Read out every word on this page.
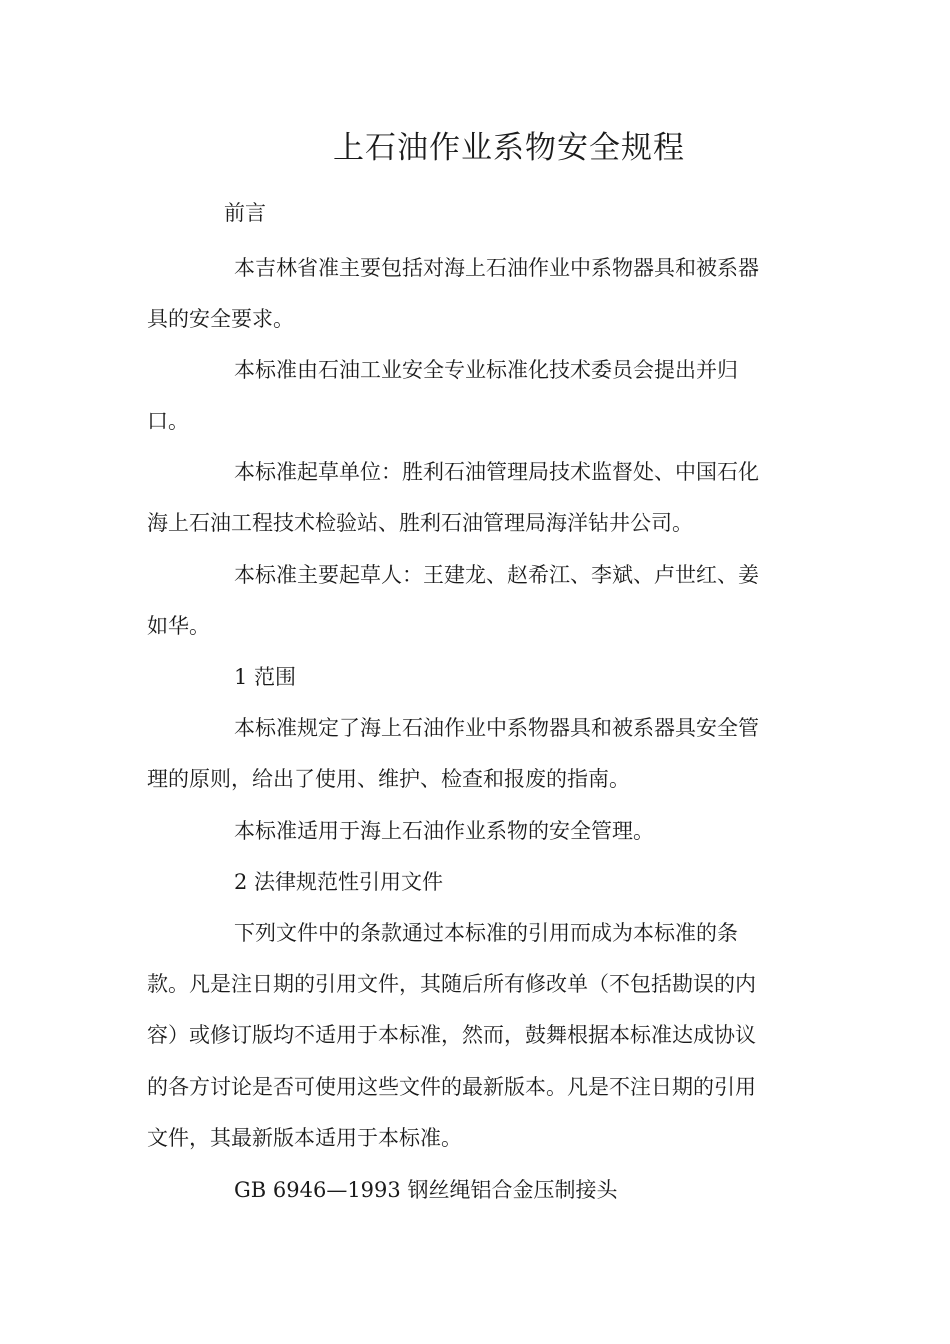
上石油作业系物安全规程
前言
本吉林省准主要包括对海上石油作业中系物器具和被系器
具的安全要求。
本标准由石油工业安全专业标准化技术委员会提出并归
口。
本标准起草单位：胜利石油管理局技术监督处、中国石化
海上石油工程技术检验站、胜利石油管理局海洋钻井公司。
本标准主要起草人：王建龙、赵希江、李斌、卢世红、姜
如华。
1 范围
本标准规定了海上石油作业中系物器具和被系器具安全管
理的原则，给出了使用、维护、检查和报废的指南。
本标准适用于海上石油作业系物的安全管理。
2 法律规范性引用文件
下列文件中的条款通过本标准的引用而成为本标准的条
款。凡是注日期的引用文件，其随后所有修改单（不包括勘误的内
容）或修订版均不适用于本标准，然而，鼓舞根据本标准达成协议
的各方讨论是否可使用这些文件的最新版本。凡是不注日期的引用
文件，其最新版本适用于本标准。
GB 6946—1993 钢丝绳铝合金压制接头
